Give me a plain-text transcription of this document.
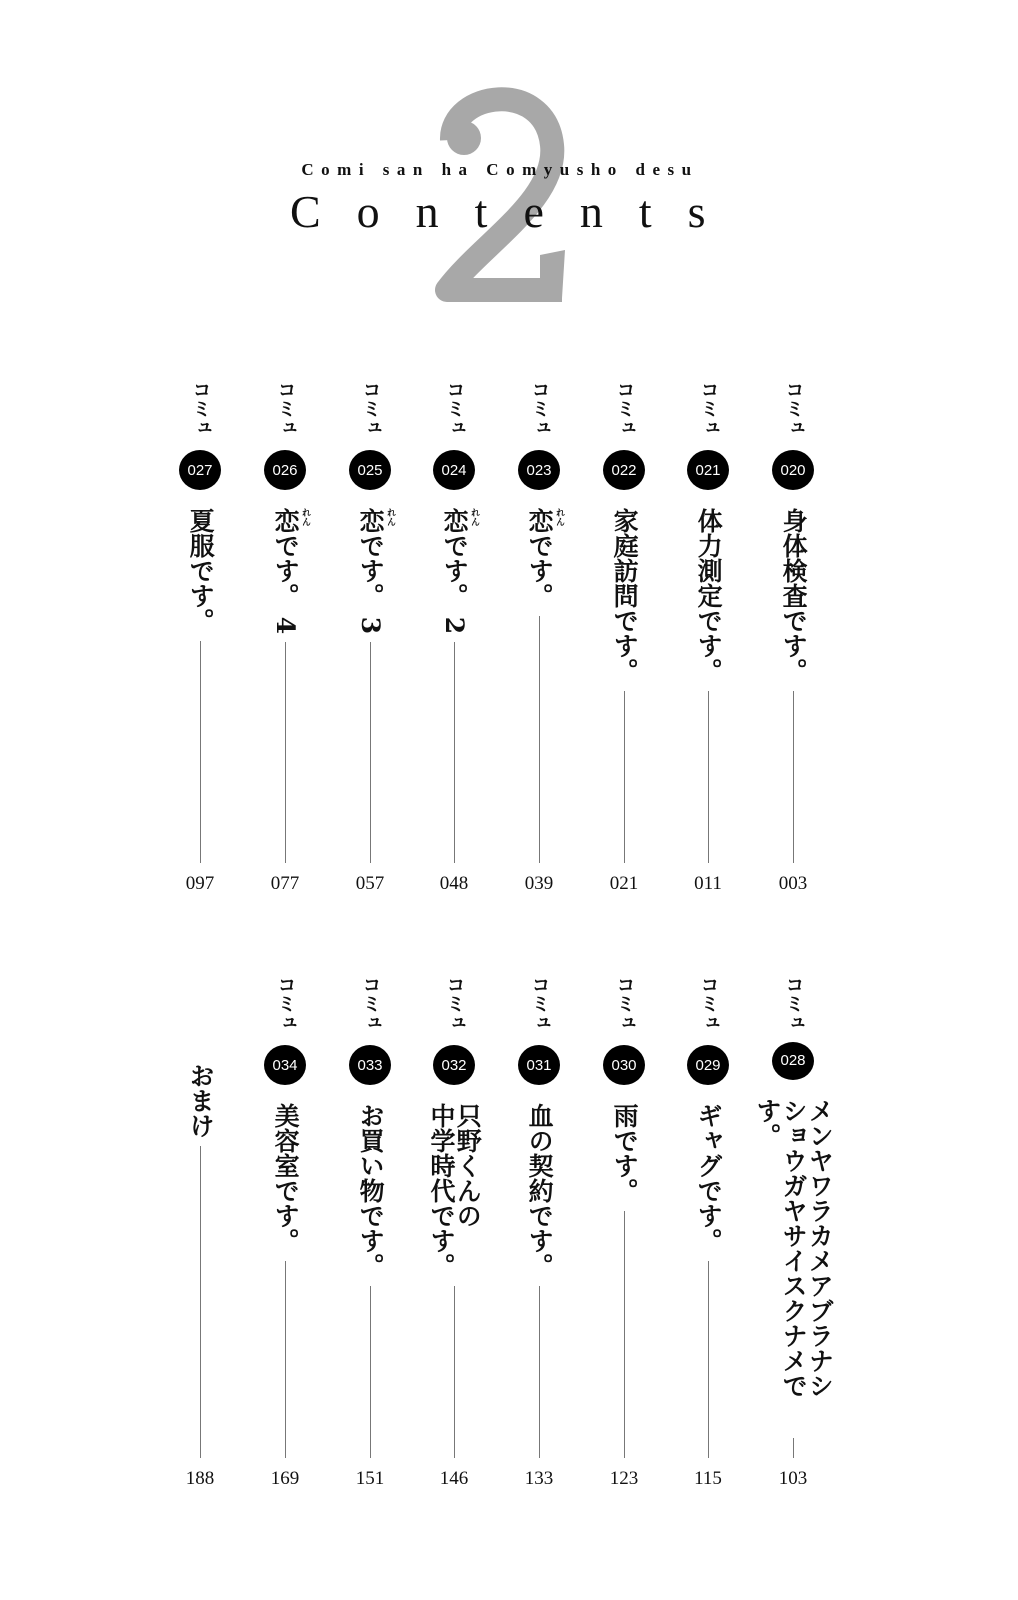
Comi san ha Comyusho desu
Contents
コミュ
020
身体検査です。
003
コミュ
021
体力測定です。
011
コミュ
022
家庭訪問です。
021
コミュ
023
恋です。 れん
039
コミュ
024
恋です。 2 れん
048
コミュ
025
恋です。 3 れん
057
コミュ
026
恋です。 4 れん
077
コミュ
027
夏服です。
097
コミュ
028
メンヤワラカメアブラナシ
ショウガヤサイスクナメです。
103
コミュ
029
ギャグです。
115
コミュ
030
雨です。
123
コミュ
031
血の契約です。
133
コミュ
032
只野くんの
中学時代です。
146
コミュ
033
お買い物です。
151
コミュ
034
美容室です。
169
おまけ
188
